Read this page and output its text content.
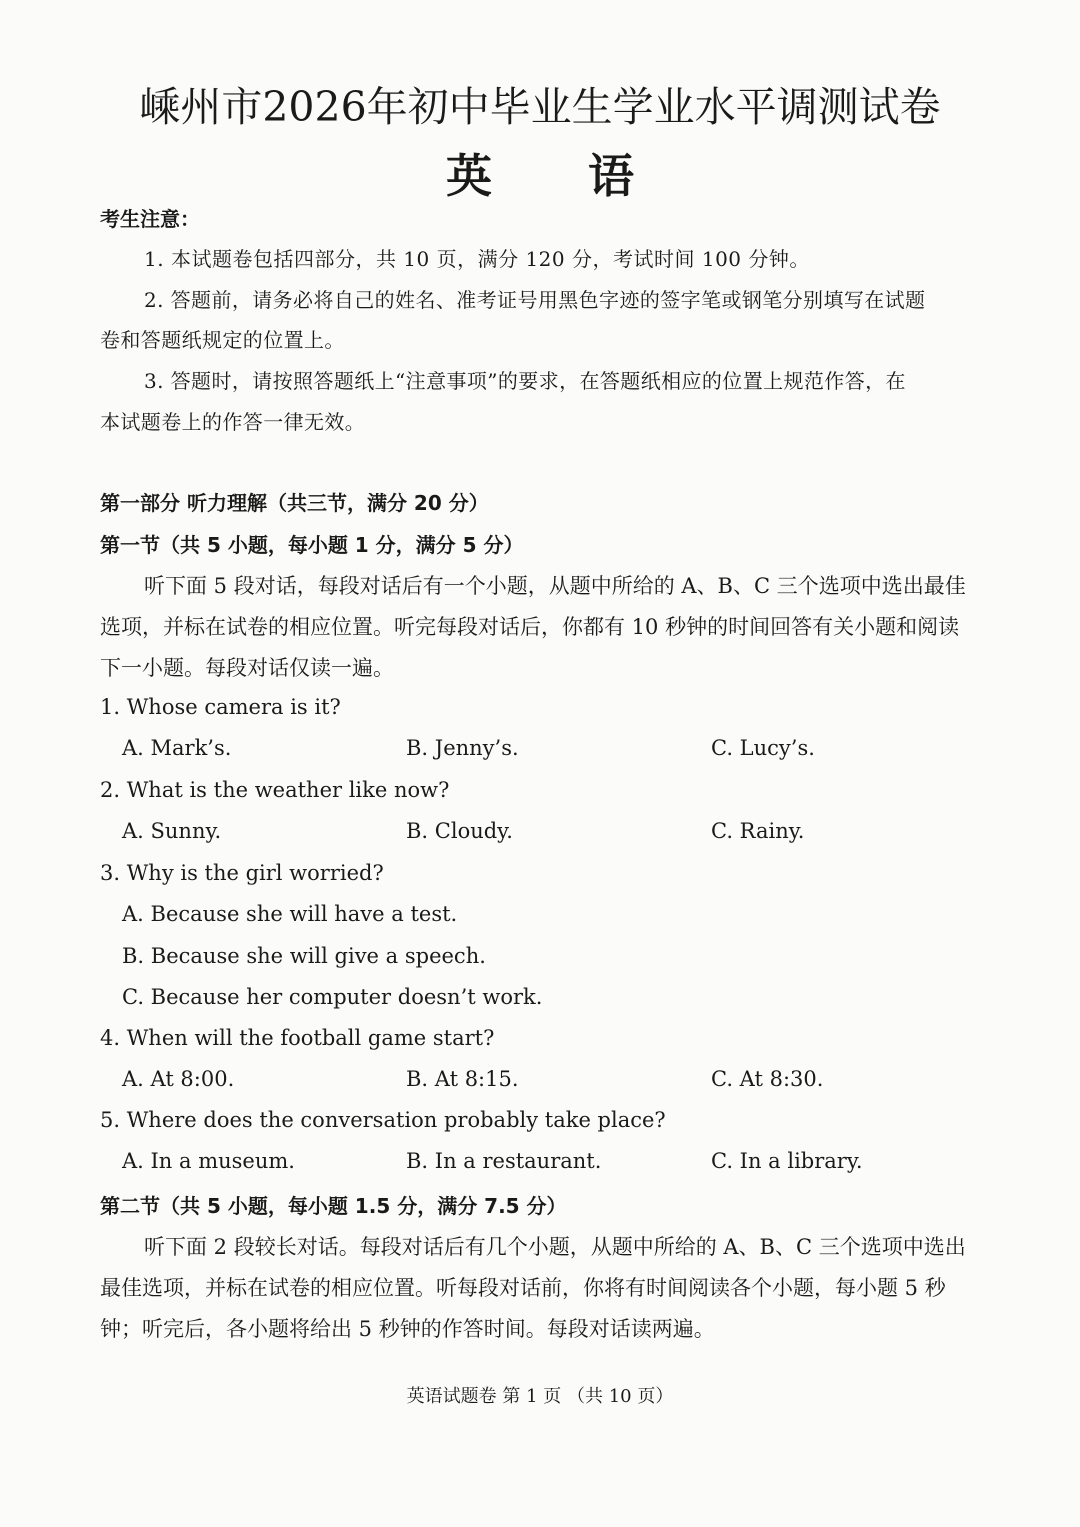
嵊州市2026年初中毕业生学业水平调测试卷
英 语
考生注意：
1. 本试题卷包括四部分，共 10 页，满分 120 分，考试时间 100 分钟。
2. 答题前，请务必将自己的姓名、准考证号用黑色字迹的签字笔或钢笔分别填写在试题
卷和答题纸规定的位置上。
3. 答题时，请按照答题纸上“注意事项”的要求，在答题纸相应的位置上规范作答，在
本试题卷上的作答一律无效。
第一部分 听力理解（共三节，满分 20 分）
第一节（共 5 小题，每小题 1 分，满分 5 分）
听下面 5 段对话，每段对话后有一个小题，从题中所给的 A、B、C 三个选项中选出最佳
选项，并标在试卷的相应位置。听完每段对话后，你都有 10 秒钟的时间回答有关小题和阅读
下一小题。每段对话仅读一遍。
1. Whose camera is it?
A. Mark’s.	B. Jenny’s.	C. Lucy’s.
2. What is the weather like now?
A. Sunny.	B. Cloudy.	C. Rainy.
3. Why is the girl worried?
A. Because she will have a test.
B. Because she will give a speech.
C. Because her computer doesn’t work.
4. When will the football game start?
A. At 8:00.	B. At 8:15.	C. At 8:30.
5. Where does the conversation probably take place?
A. In a museum.	B. In a restaurant.	C. In a library.
第二节（共 5 小题，每小题 1.5 分，满分 7.5 分）
听下面 2 段较长对话。每段对话后有几个小题，从题中所给的 A、B、C 三个选项中选出
最佳选项，并标在试卷的相应位置。听每段对话前，你将有时间阅读各个小题，每小题 5 秒
钟；听完后，各小题将给出 5 秒钟的作答时间。每段对话读两遍。
英语试题卷 第 1 页 （共 10 页）
